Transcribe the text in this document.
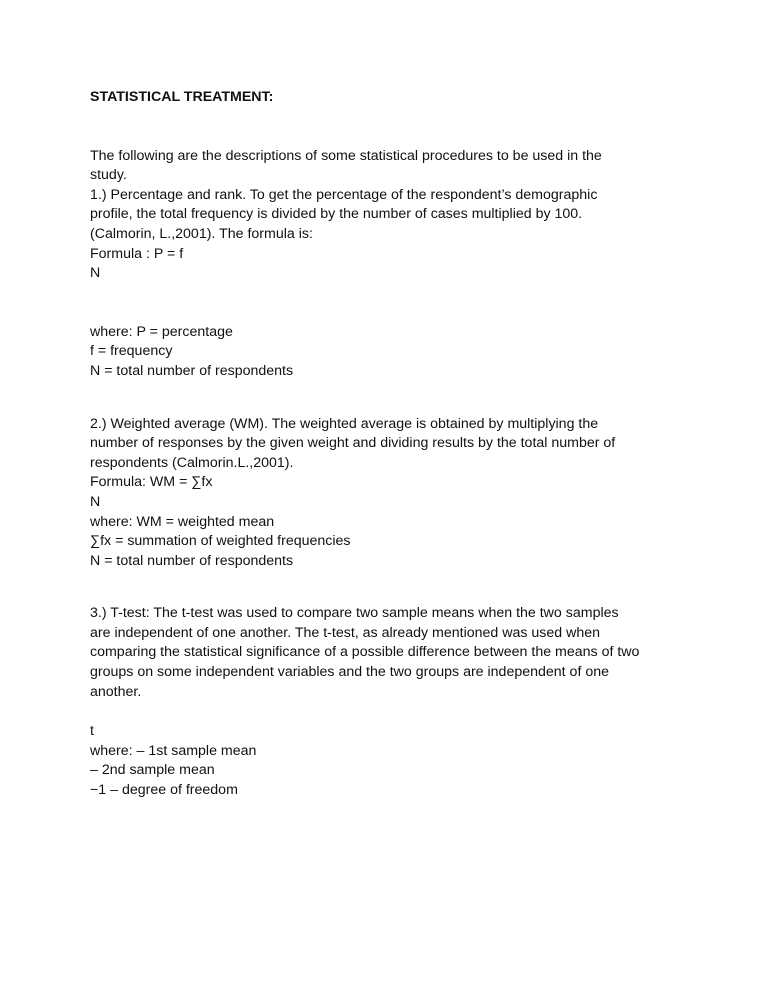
STATISTICAL TREATMENT:
The following are the descriptions of some statistical procedures to be used in the
study.
1.) Percentage and rank. To get the percentage of the respondent’s demographic
profile, the total frequency is divided by the number of cases multiplied by 100.
(Calmorin, L.,2001). The formula is:
Formula : P = f
N
where: P = percentage
f = frequency
N = total number of respondents
2.) Weighted average (WM). The weighted average is obtained by multiplying the
number of responses by the given weight and dividing results by the total number of
respondents (Calmorin.L.,2001).
Formula: WM = ∑fx
N
where: WM = weighted mean
∑fx = summation of weighted frequencies
N = total number of respondents
3.) T-test: The t-test was used to compare two sample means when the two samples
are independent of one another. The t-test, as already mentioned was used when
comparing the statistical significance of a possible difference between the means of two
groups on some independent variables and the two groups are independent of one
another.
t
where: – 1st sample mean
– 2nd sample mean
−1 – degree of freedom
